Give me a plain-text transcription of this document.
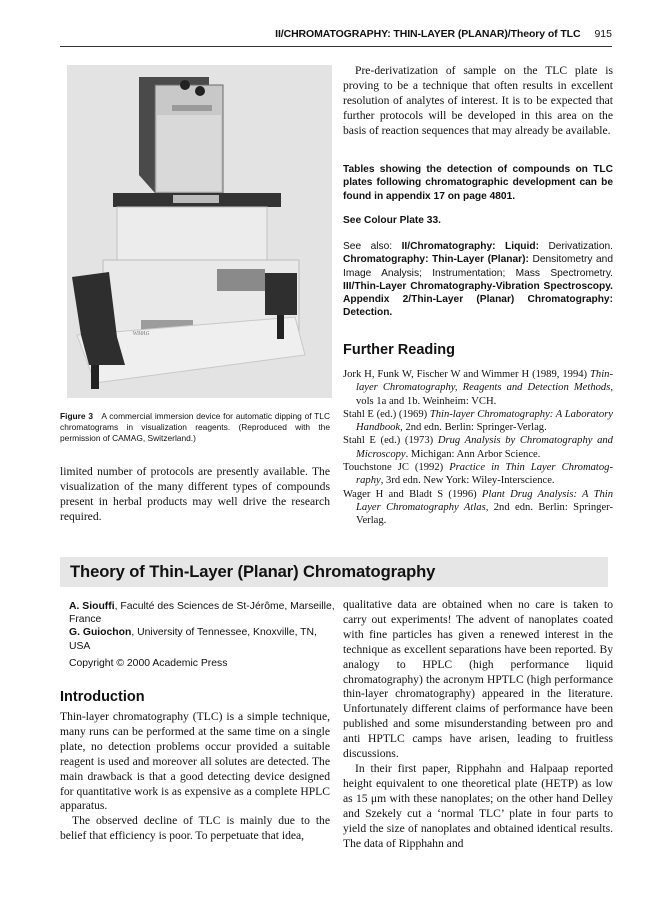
II/CHROMATOGRAPHY: THIN-LAYER (PLANAR)/Theory of TLC 915
ᴡᴍᴧɢ
Figure 3 A commercial immersion device for automatic dipping of TLC chromatograms in visualization reagents. (Reproduced with the permission of CAMAG, Switzerland.)
limited number of protocols are presently available. The visualization of the many different types of compounds present in herbal products may well drive the research required.

Pre-derivatization of sample on the TLC plate is proving to be a technique that often results in excellent resolution of analytes of interest. It is to be expected that further protocols will be developed in this area on the basis of reaction sequences that may already be available.

Tables showing the detection of compounds on TLC plates following chromatographic development can be found in appendix 17 on page 4801.
See Colour Plate 33.
See also: II/Chromatography: Liquid: Derivatization. Chromatography: Thin-Layer (Planar): Densitometry and Image Analysis; Instrumentation; Mass Spectrometry. III/Thin-Layer Chromatography-Vibration Spectroscopy. Appendix 2/Thin-Layer (Planar) Chromatography: Detection.
Further Reading
Jork H, Funk W, Fischer W and Wimmer H (1989, 1994) Thin-layer Chromatography, Reagents and Detection Methods, vols 1a and 1b. Weinheim: VCH.
Stahl E (ed.) (1969) Thin-layer Chromatography: A Laboratory Handbook, 2nd edn. Berlin: Springer-Verlag.
Stahl E (ed.) (1973) Drug Analysis by Chromatography and Microscopy. Michigan: Ann Arbor Science.
Touchstone JC (1992) Practice in Thin Layer Chromatography, 3rd edn. New York: Wiley-Interscience.
Wager H and Bladt S (1996) Plant Drug Analysis: A Thin Layer Chromatography Atlas, 2nd edn. Berlin: Springer-Verlag.
Theory of Thin-Layer (Planar) Chromatography
A. Siouffi, Faculté des Sciences de St-Jérôme, Marseille, France
G. Guiochon, University of Tennessee, Knoxville, TN, USA
Copyright © 2000 Academic Press
Introduction

Thin-layer chromatography (TLC) is a simple technique, many runs can be performed at the same time on a single plate, no detection problems occur provided a suitable reagent is used and moreover all solutes are detected. The main drawback is that a good detecting device designed for quantitative work is as expensive as a complete HPLC apparatus.

The observed decline of TLC is mainly due to the belief that efficiency is poor. To perpetuate that idea,

qualitative data are obtained when no care is taken to carry out experiments! The advent of nanoplates coated with fine particles has given a renewed interest in the technique as excellent separations have been reported. By analogy to HPLC (high performance liquid chromatography) the acronym HPTLC (high performance thin-layer chromatography) appeared in the literature. Unfortunately different claims of performance have been published and some misunderstanding between pro and anti HPTLC camps have arisen, leading to fruitless discussions.

In their first paper, Ripphahn and Halpaap reported height equivalent to one theoretical plate (HETP) as low as 15 μm with these nanoplates; on the other hand Delley and Szekely cut a ‘normal TLC’ plate in four parts to yield the size of nanoplates and obtained identical results. The data of Ripphahn and
